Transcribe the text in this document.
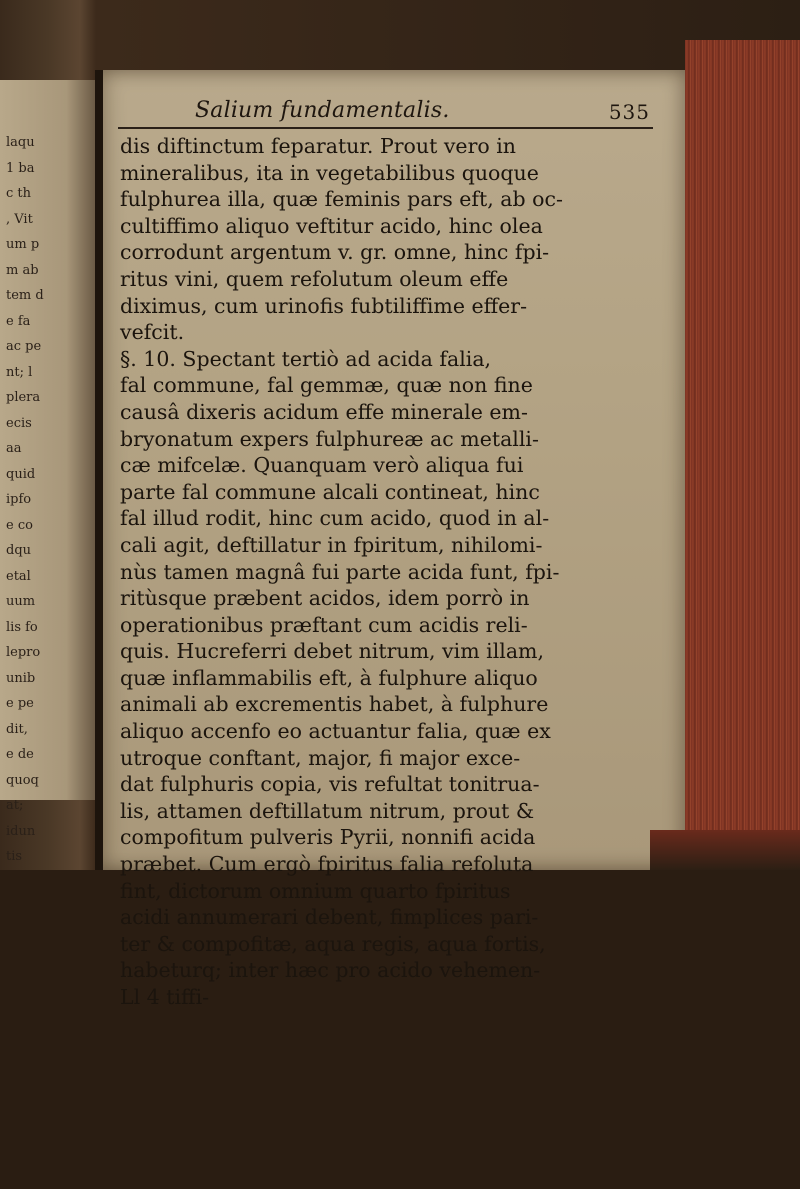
laqu
1 ba
c th
, Vit
um p
m ab
tem d
e fa
ac pe
nt; l
plera
ecis
aa
quid
ipfo
e co
dqu
etal
uum
lis fo
lepro
unib
e pe
dit,
e de
quoq
at;
idun
tis
Salium fundamentalis.	535
dis diftinctum feparatur. Prout vero in
mineralibus, ita in vegetabilibus quoque
fulphurea illa, quæ feminis pars eft, ab oc-
cultiffimo aliquo veftitur acido, hinc olea
corrodunt argentum v. gr. omne, hinc fpi-
ritus vini, quem refolutum oleum effe
diximus, cum urinofis fubtiliffime effer-
vefcit.
§. 10. Spectant tertiò ad acida falia,
fal commune, fal gemmæ, quæ non fine
causâ dixeris acidum effe minerale em-
bryonatum expers fulphureæ ac metalli-
cæ mifcelæ. Quanquam verò aliqua fui
parte fal commune alcali contineat, hinc
fal illud rodit, hinc cum acido, quod in al-
cali agit, deftillatur in fpiritum, nihilomi-
nùs tamen magnâ fui parte acida funt, fpi-
ritùsque præbent acidos, idem porrò in
operationibus præftant cum acidis reli-
quis. Hucreferri debet nitrum, vim illam,
quæ inflammabilis eft, à fulphure aliquo
animali ab excrementis habet, à fulphure
aliquo accenfo eo actuantur falia, quæ ex
utroque conftant, major, fi major exce-
dat fulphuris copia, vis refultat tonitrua-
lis, attamen deftillatum nitrum, prout &
compofitum pulveris Pyrii, nonnifi acida
præbet. Cum ergò fpiritus falia refoluta
fint, dictorum omnium quarto fpiritus
acidi annumerari debent, fimplices pari-
ter & compofitæ, aqua regis, aqua fortis,
habeturq; inter hæc pro acido vehemen-
Ll 4 tiffi-
